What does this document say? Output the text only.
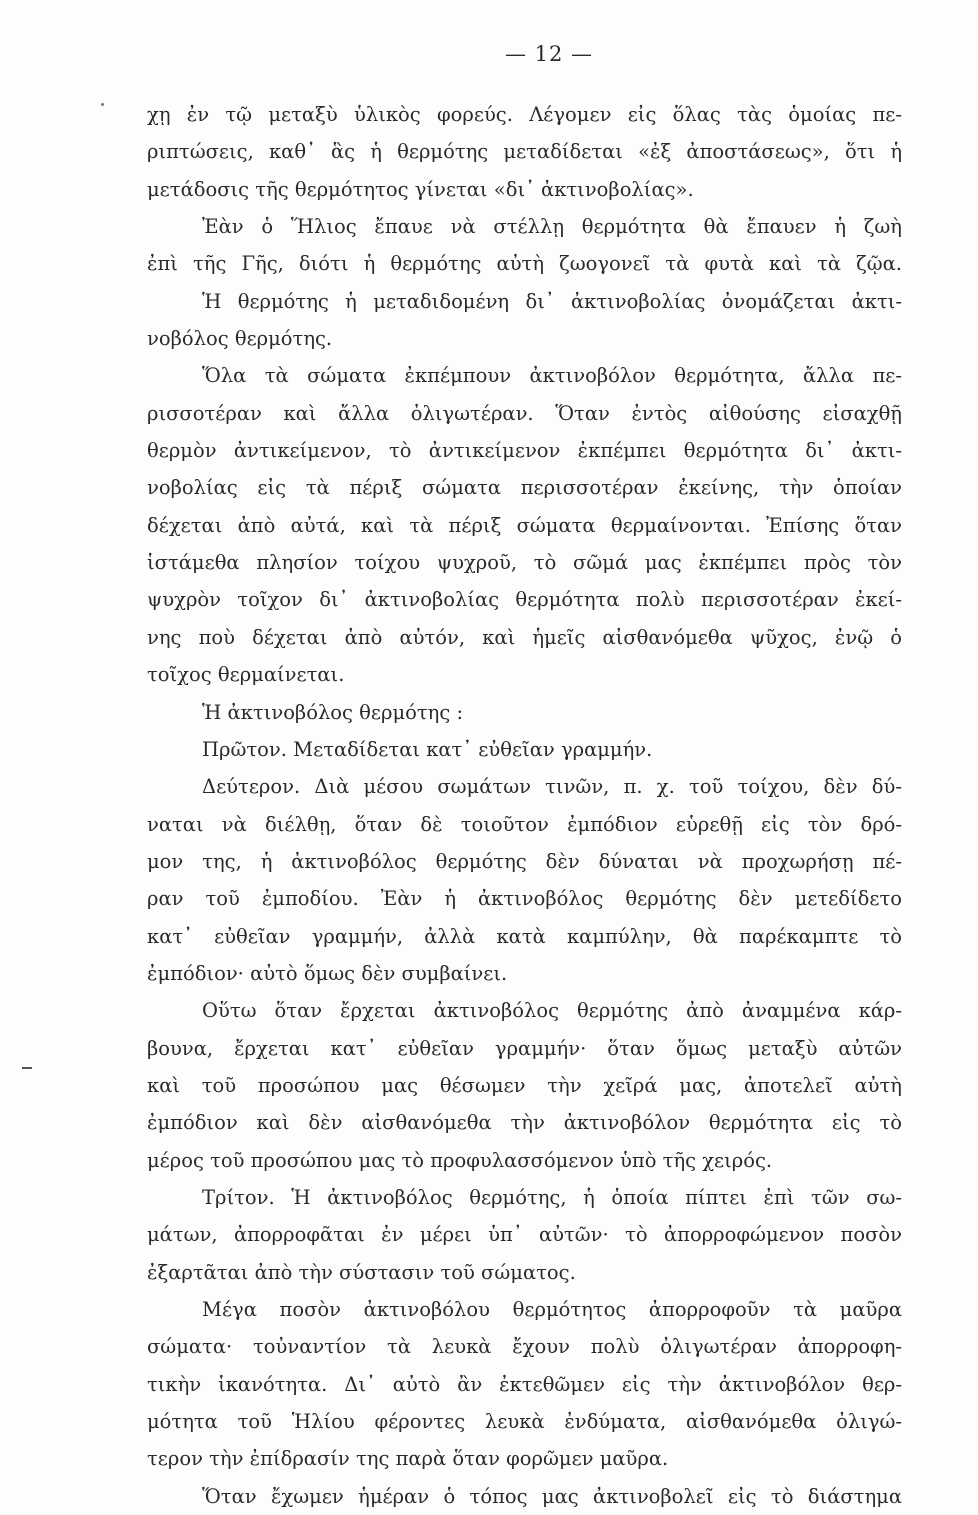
— 12 —
χῃ ἐν τῷ μεταξὺ ὑλικὸς φορεύς. Λέγομεν εἰς ὅλας τὰς ὁμοίας πε-
ριπτώσεις, καθ᾽ ἃς ἡ θερμότης μεταδίδεται «ἐξ ἀποστάσεως», ὅτι ἡ
μετάδοσις τῆς θερμότητος γίνεται «δι᾽ ἀκτινοβολίας».
Ἐὰν ὁ Ἥλιος ἔπαυε νὰ στέλλῃ θερμότητα θὰ ἔπαυεν ἡ ζωὴ
ἐπὶ τῆς Γῆς, διότι ἡ θερμότης αὐτὴ ζωογονεῖ τὰ φυτὰ καὶ τὰ ζῷα.
Ἡ θερμότης ἡ μεταδιδομένη δι᾽ ἀκτινοβολίας ὀνομάζεται ἀκτι-
νοβόλος θερμότης.
Ὅλα τὰ σώματα ἐκπέμπουν ἀκτινοβόλον θερμότητα, ἄλλα πε-
ρισσοτέραν καὶ ἄλλα ὀλιγωτέραν. Ὅταν ἐντὸς αἰθούσης εἰσαχθῇ
θερμὸν ἀντικείμενον, τὸ ἀντικείμενον ἐκπέμπει θερμότητα δι᾽ ἀκτι-
νοβολίας εἰς τὰ πέριξ σώματα περισσοτέραν ἐκείνης, τὴν ὁποίαν
δέχεται ἀπὸ αὐτά, καὶ τὰ πέριξ σώματα θερμαίνονται. Ἐπίσης ὅταν
ἱστάμεθα πλησίον τοίχου ψυχροῦ, τὸ σῶμά μας ἐκπέμπει πρὸς τὸν
ψυχρὸν τοῖχον δι᾽ ἀκτινοβολίας θερμότητα πολὺ περισσοτέραν ἐκεί-
νης ποὺ δέχεται ἀπὸ αὐτόν, καὶ ἡμεῖς αἰσθανόμεθα ψῦχος, ἐνῷ ὁ
τοῖχος θερμαίνεται.
Ἡ ἀκτινοβόλος θερμότης :
Πρῶτον. Μεταδίδεται κατ᾽ εὐθεῖαν γραμμήν.
Δεύτερον. Διὰ μέσου σωμάτων τινῶν, π. χ. τοῦ τοίχου, δὲν δύ-
ναται νὰ διέλθῃ, ὅταν δὲ τοιοῦτον ἐμπόδιον εὑρεθῇ εἰς τὸν δρό-
μον της, ἡ ἀκτινοβόλος θερμότης δὲν δύναται νὰ προχωρήσῃ πέ-
ραν τοῦ ἐμποδίου. Ἐὰν ἡ ἀκτινοβόλος θερμότης δὲν μετεδίδετο
κατ᾽ εὐθεῖαν γραμμήν, ἀλλὰ κατὰ καμπύλην, θὰ παρέκαμπτε τὸ
ἐμπόδιον· αὐτὸ ὅμως δὲν συμβαίνει.
Οὕτω ὅταν ἔρχεται ἀκτινοβόλος θερμότης ἀπὸ ἀναμμένα κάρ-
βουνα, ἔρχεται κατ᾽ εὐθεῖαν γραμμήν· ὅταν ὅμως μεταξὺ αὐτῶν
καὶ τοῦ προσώπου μας θέσωμεν τὴν χεῖρά μας, ἀποτελεῖ αὐτὴ
ἐμπόδιον καὶ δὲν αἰσθανόμεθα τὴν ἀκτινοβόλον θερμότητα εἰς τὸ
μέρος τοῦ προσώπου μας τὸ προφυλασσόμενον ὑπὸ τῆς χειρός.
Τρίτον. Ἡ ἀκτινοβόλος θερμότης, ἡ ὁποία πίπτει ἐπὶ τῶν σω-
μάτων, ἀπορροφᾶται ἐν μέρει ὑπ᾽ αὐτῶν· τὸ ἀπορροφώμενον ποσὸν
ἐξαρτᾶται ἀπὸ τὴν σύστασιν τοῦ σώματος.
Μέγα ποσὸν ἀκτινοβόλου θερμότητος ἀπορροφοῦν τὰ μαῦρα
σώματα· τοὐναντίον τὰ λευκὰ ἔχουν πολὺ ὀλιγωτέραν ἀπορροφη-
τικὴν ἱκανότητα. Δι᾽ αὐτὸ ἂν ἐκτεθῶμεν εἰς τὴν ἀκτινοβόλον θερ-
μότητα τοῦ Ἡλίου φέροντες λευκὰ ἐνδύματα, αἰσθανόμεθα ὀλιγώ-
τερον τὴν ἐπίδρασίν της παρὰ ὅταν φορῶμεν μαῦρα.
Ὅταν ἔχωμεν ἡμέραν ὁ τόπος μας ἀκτινοβολεῖ εἰς τὸ διάστημα
